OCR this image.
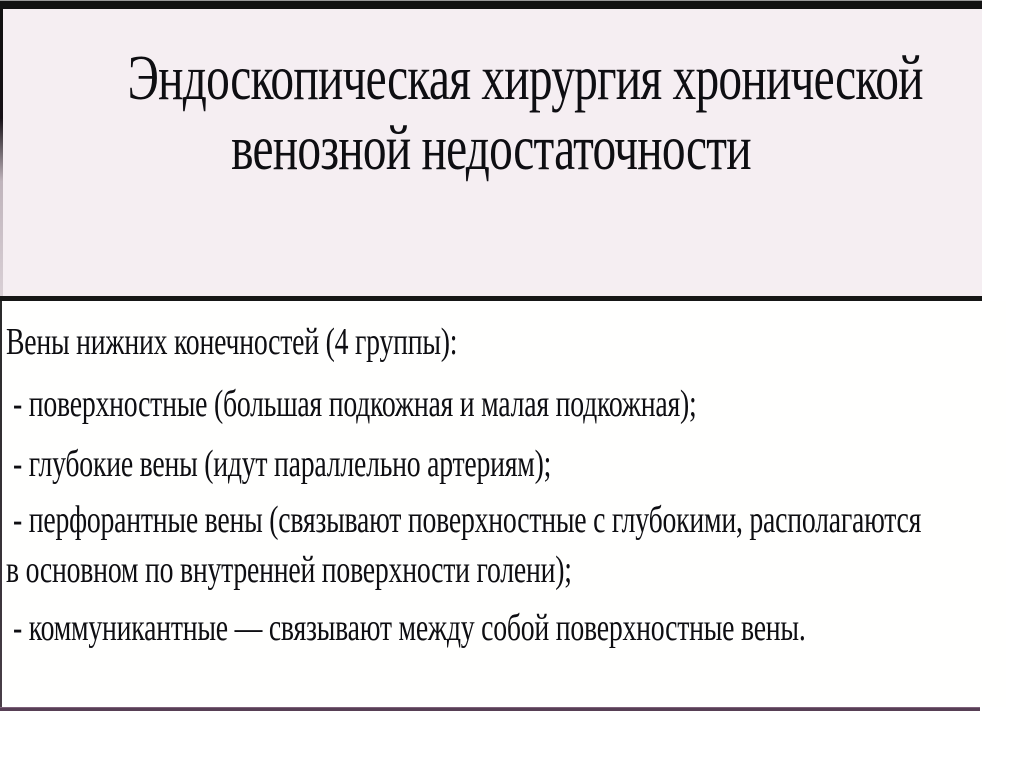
Эндоскопическая хирургия хронической
венозной недостаточности
Вены нижних конечностей (4 группы):
- поверхностные (большая подкожная и малая подкожная);
- глубокие вены (идут параллельно артериям);
- перфорантные вены (связывают поверхностные с глубокими, располагаются
в основном по внутренней поверхности голени);
- коммуникантные — связывают между собой поверхностные вены.
